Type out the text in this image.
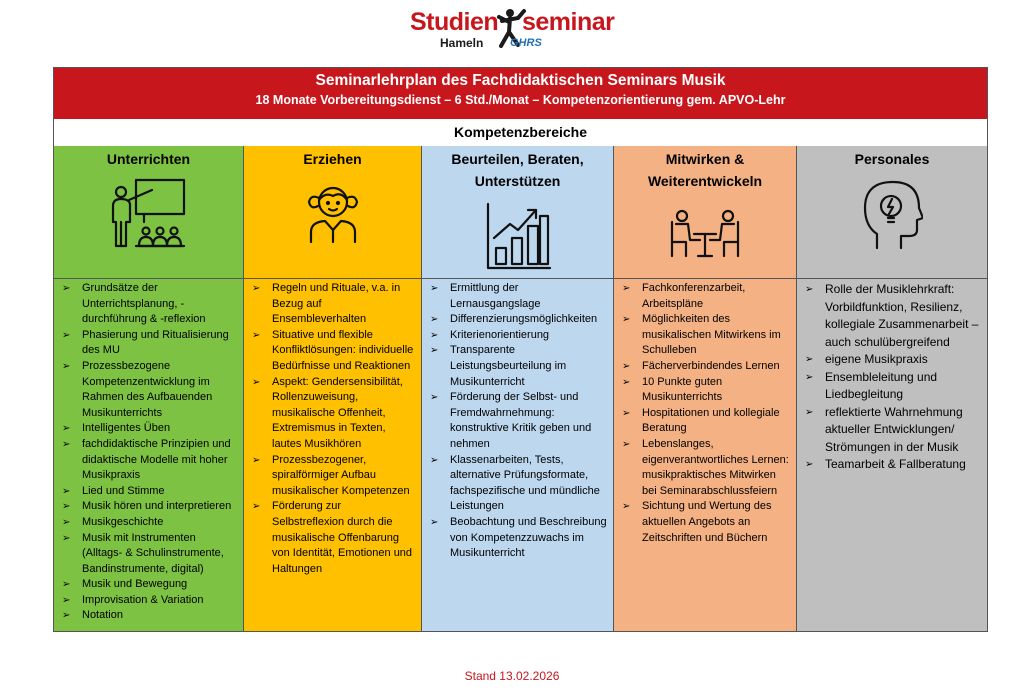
Studien seminar
Hameln GHRS
Seminarlehrplan des Fachdidaktischen Seminars Musik
18 Monate Vorbereitungsdienst – 6 Std./Monat – Kompetenzorientierung gem. APVO-Lehr
Kompetenzbereiche
Unterrichten
➢ Grundsätze der Unterrichtsplanung, -durchführung & -reflexion
➢ Phasierung und Ritualisierung des MU
➢ Prozessbezogene Kompetenzentwicklung im Rahmen des Aufbauenden Musikunterrichts
➢ Intelligentes Üben
➢ fachdidaktische Prinzipien und didaktische Modelle mit hoher Musikpraxis
➢ Lied und Stimme
➢ Musik hören und interpretieren
➢ Musikgeschichte
➢ Musik mit Instrumenten (Alltags- & Schulinstrumente, Bandinstrumente, digital)
➢ Musik und Bewegung
➢ Improvisation & Variation
➢ Notation
Erziehen
➢ Regeln und Rituale, v.a. in Bezug auf Ensembleverhalten
➢ Situative und flexible Konfliktlösungen: individuelle Bedürfnisse und Reaktionen
➢ Aspekt: Gendersensibilität, Rollenzuweisung, musikalische Offenheit, Extremismus in Texten, lautes Musikhören
➢ Prozessbezogener, spiralförmiger Aufbau musikalischer Kompetenzen
➢ Förderung zur Selbstreflexion durch die musikalische Offenbarung von Identität, Emotionen und Haltungen
Beurteilen, Beraten, Unterstützen
➢ Ermittlung der Lernausgangslage
➢ Differenzierungsmöglichkeiten
➢ Kriterienorientierung
➢ Transparente Leistungsbeurteilung im Musikunterricht
➢ Förderung der Selbst- und Fremdwahrnehmung: konstruktive Kritik geben und nehmen
➢ Klassenarbeiten, Tests, alternative Prüfungsformate, fachspezifische und mündliche Leistungen
➢ Beobachtung und Beschreibung von Kompetenzzuwachs im Musikunterricht
Mitwirken & Weiterentwickeln
➢ Fachkonferenzarbeit, Arbeitspläne
➢ Möglichkeiten des musikalischen Mitwirkens im Schulleben
➢ Fächerverbindendes Lernen
➢ 10 Punkte guten Musikunterrichts
➢ Hospitationen und kollegiale Beratung
➢ Lebenslanges, eigenverantwortliches Lernen: musikpraktisches Mitwirken bei Seminarabschlussfeiern
➢ Sichtung und Wertung des aktuellen Angebots an Zeitschriften und Büchern
Personales
➢ Rolle der Musiklehrkraft: Vorbildfunktion, Resilienz, kollegiale Zusammenarbeit – auch schulübergreifend
➢ eigene Musikpraxis
➢ Ensembleleitung und Liedbegleitung
➢ reflektierte Wahrnehmung aktueller Entwicklungen/ Strömungen in der Musik
➢ Teamarbeit & Fallberatung
Stand 13.02.2026
